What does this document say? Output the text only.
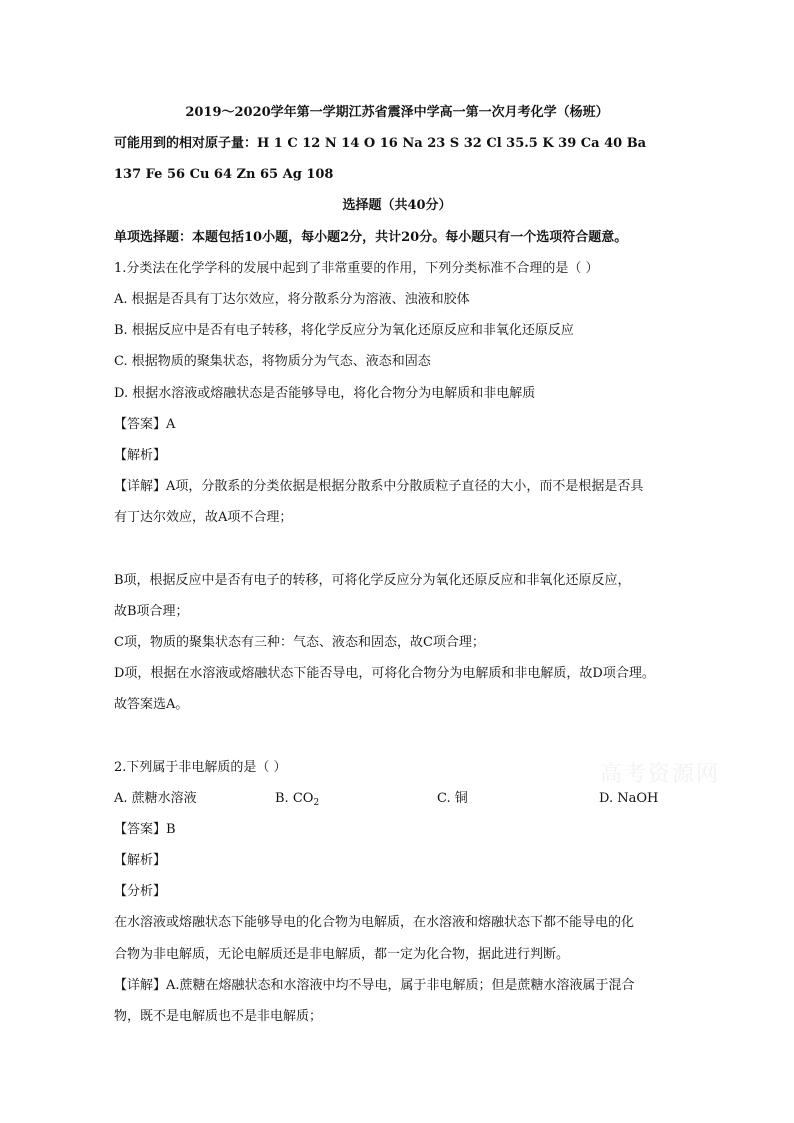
高考资源网
2019～2020学年第一学期江苏省震泽中学高一第一次月考化学（杨班）
可能用到的相对原子量：H 1 C 12 N 14 O 16 Na 23 S 32 Cl 35.5 K 39 Ca 40 Ba
137 Fe 56 Cu 64 Zn 65 Ag 108
选择题（共40分）
单项选择题：本题包括10小题，每小题2分，共计20分。每小题只有一个选项符合题意。
1.分类法在化学学科的发展中起到了非常重要的作用，下列分类标准不合理的是（ ）
A. 根据是否具有丁达尔效应，将分散系分为溶液、浊液和胶体
B. 根据反应中是否有电子转移，将化学反应分为氧化还原反应和非氧化还原反应
C. 根据物质的聚集状态，将物质分为气态、液态和固态
D. 根据水溶液或熔融状态是否能够导电，将化合物分为电解质和非电解质
【答案】A
【解析】
【详解】A项，分散系的分类依据是根据分散系中分散质粒子直径的大小，而不是根据是否具
有丁达尔效应，故A项不合理；
B项，根据反应中是否有电子的转移，可将化学反应分为氧化还原反应和非氧化还原反应，
故B项合理；
C项，物质的聚集状态有三种：气态、液态和固态，故C项合理；
D项，根据在水溶液或熔融状态下能否导电，可将化合物分为电解质和非电解质，故D项合理。
故答案选A。
2.下列属于非电解质的是（ ）
A. 蔗糖水溶液	B. $CO_2$	C. 铜	D. NaOH
【答案】B
【解析】
【分析】
在水溶液或熔融状态下能够导电的化合物为电解质，在水溶液和熔融状态下都不能导电的化
合物为非电解质，无论电解质还是非电解质，都一定为化合物，据此进行判断。
【详解】A.蔗糖在熔融状态和水溶液中均不导电，属于非电解质；但是蔗糖水溶液属于混合
物，既不是电解质也不是非电解质；
